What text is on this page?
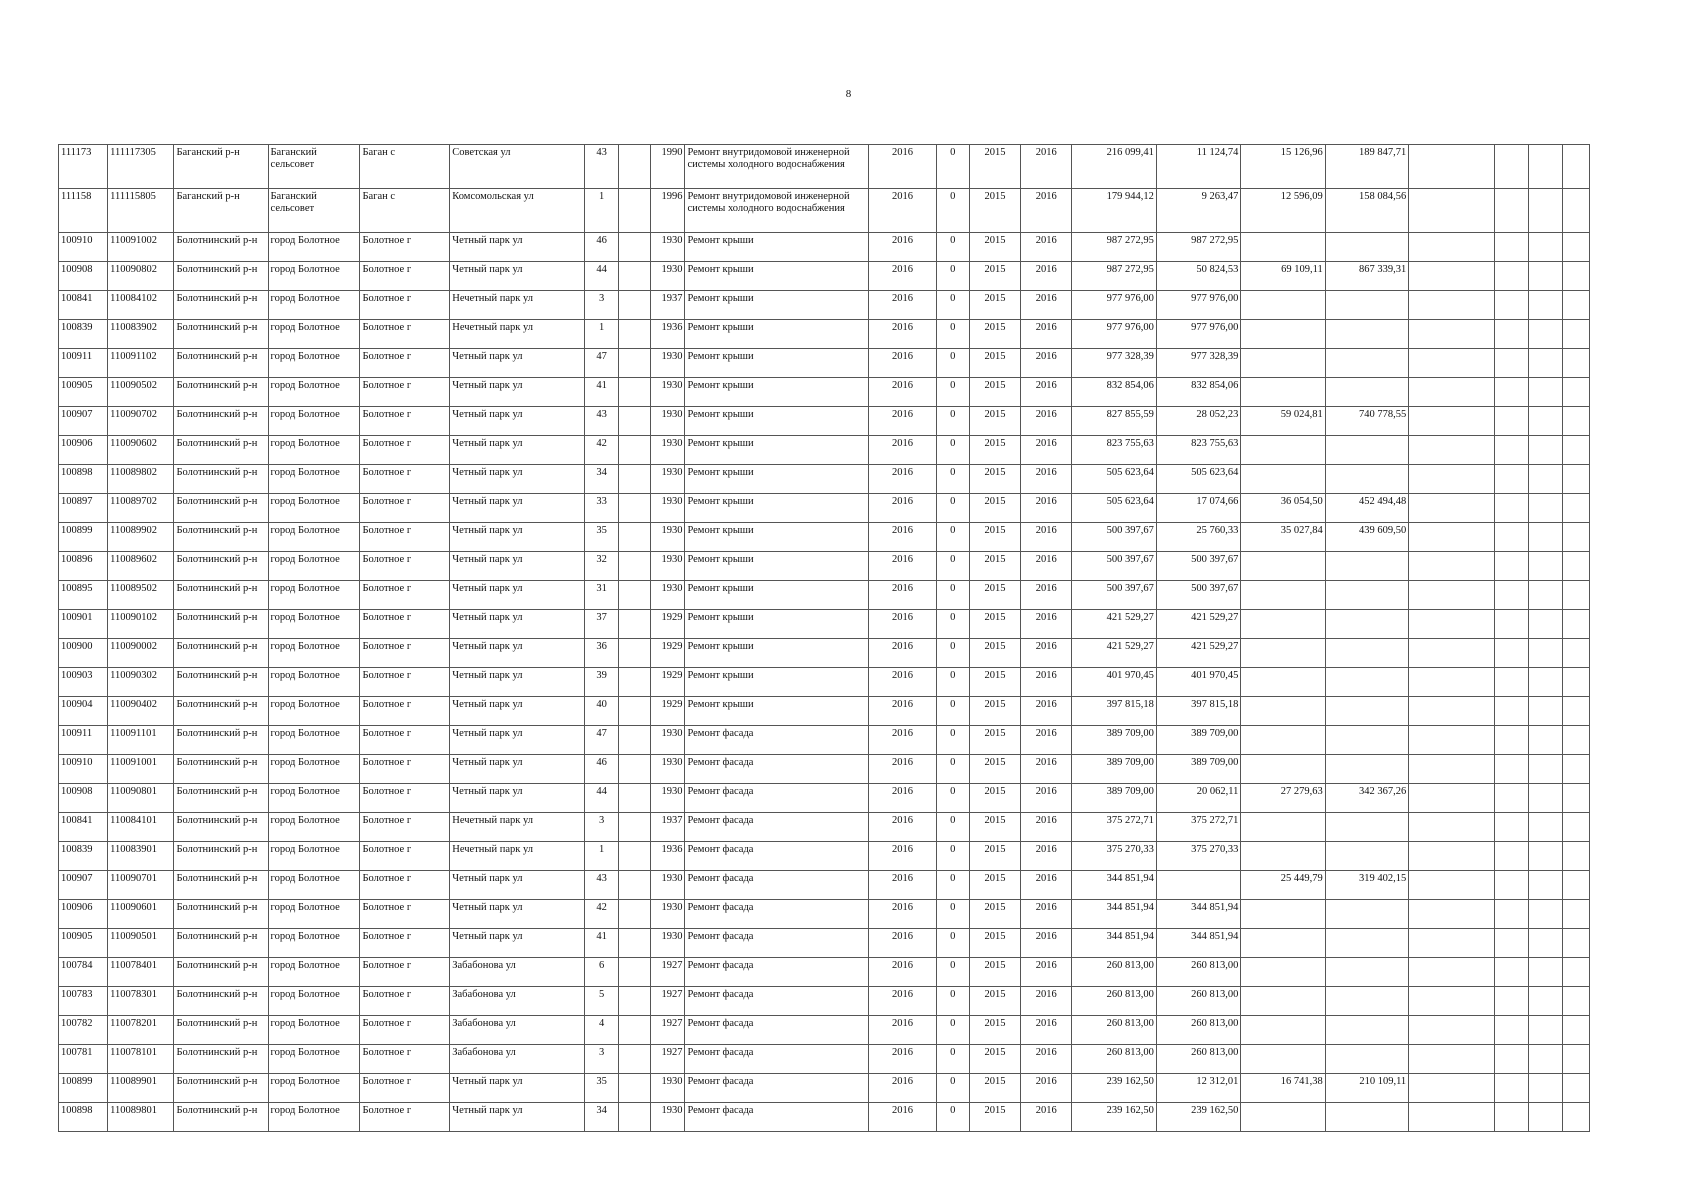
8
111173	111117305	Баганский р-н	Баганский сельсовет	Баган с	Советская ул	43		1990	Ремонт внутридомовой инженерной системы холодного водоснабжения	2016	0	2015	2016	216 099,41	11 124,74	15 126,96	189 847,71				
111158	111115805	Баганский р-н	Баганский сельсовет	Баган с	Комсомольская ул	1		1996	Ремонт внутридомовой инженерной системы холодного водоснабжения	2016	0	2015	2016	179 944,12	9 263,47	12 596,09	158 084,56				
100910	110091002	Болотнинский р-н	город Болотное	Болотное г	Четный парк ул	46		1930	Ремонт крыши	2016	0	2015	2016	987 272,95	987 272,95						
100908	110090802	Болотнинский р-н	город Болотное	Болотное г	Четный парк ул	44		1930	Ремонт крыши	2016	0	2015	2016	987 272,95	50 824,53	69 109,11	867 339,31				
100841	110084102	Болотнинский р-н	город Болотное	Болотное г	Нечетный парк ул	3		1937	Ремонт крыши	2016	0	2015	2016	977 976,00	977 976,00						
100839	110083902	Болотнинский р-н	город Болотное	Болотное г	Нечетный парк ул	1		1936	Ремонт крыши	2016	0	2015	2016	977 976,00	977 976,00						
100911	110091102	Болотнинский р-н	город Болотное	Болотное г	Четный парк ул	47		1930	Ремонт крыши	2016	0	2015	2016	977 328,39	977 328,39						
100905	110090502	Болотнинский р-н	город Болотное	Болотное г	Четный парк ул	41		1930	Ремонт крыши	2016	0	2015	2016	832 854,06	832 854,06						
100907	110090702	Болотнинский р-н	город Болотное	Болотное г	Четный парк ул	43		1930	Ремонт крыши	2016	0	2015	2016	827 855,59	28 052,23	59 024,81	740 778,55				
100906	110090602	Болотнинский р-н	город Болотное	Болотное г	Четный парк ул	42		1930	Ремонт крыши	2016	0	2015	2016	823 755,63	823 755,63						
100898	110089802	Болотнинский р-н	город Болотное	Болотное г	Четный парк ул	34		1930	Ремонт крыши	2016	0	2015	2016	505 623,64	505 623,64						
100897	110089702	Болотнинский р-н	город Болотное	Болотное г	Четный парк ул	33		1930	Ремонт крыши	2016	0	2015	2016	505 623,64	17 074,66	36 054,50	452 494,48				
100899	110089902	Болотнинский р-н	город Болотное	Болотное г	Четный парк ул	35		1930	Ремонт крыши	2016	0	2015	2016	500 397,67	25 760,33	35 027,84	439 609,50				
100896	110089602	Болотнинский р-н	город Болотное	Болотное г	Четный парк ул	32		1930	Ремонт крыши	2016	0	2015	2016	500 397,67	500 397,67						
100895	110089502	Болотнинский р-н	город Болотное	Болотное г	Четный парк ул	31		1930	Ремонт крыши	2016	0	2015	2016	500 397,67	500 397,67						
100901	110090102	Болотнинский р-н	город Болотное	Болотное г	Четный парк ул	37		1929	Ремонт крыши	2016	0	2015	2016	421 529,27	421 529,27						
100900	110090002	Болотнинский р-н	город Болотное	Болотное г	Четный парк ул	36		1929	Ремонт крыши	2016	0	2015	2016	421 529,27	421 529,27						
100903	110090302	Болотнинский р-н	город Болотное	Болотное г	Четный парк ул	39		1929	Ремонт крыши	2016	0	2015	2016	401 970,45	401 970,45						
100904	110090402	Болотнинский р-н	город Болотное	Болотное г	Четный парк ул	40		1929	Ремонт крыши	2016	0	2015	2016	397 815,18	397 815,18						
100911	110091101	Болотнинский р-н	город Болотное	Болотное г	Четный парк ул	47		1930	Ремонт фасада	2016	0	2015	2016	389 709,00	389 709,00						
100910	110091001	Болотнинский р-н	город Болотное	Болотное г	Четный парк ул	46		1930	Ремонт фасада	2016	0	2015	2016	389 709,00	389 709,00						
100908	110090801	Болотнинский р-н	город Болотное	Болотное г	Четный парк ул	44		1930	Ремонт фасада	2016	0	2015	2016	389 709,00	20 062,11	27 279,63	342 367,26				
100841	110084101	Болотнинский р-н	город Болотное	Болотное г	Нечетный парк ул	3		1937	Ремонт фасада	2016	0	2015	2016	375 272,71	375 272,71						
100839	110083901	Болотнинский р-н	город Болотное	Болотное г	Нечетный парк ул	1		1936	Ремонт фасада	2016	0	2015	2016	375 270,33	375 270,33						
100907	110090701	Болотнинский р-н	город Болотное	Болотное г	Четный парк ул	43		1930	Ремонт фасада	2016	0	2015	2016	344 851,94		25 449,79	319 402,15				
100906	110090601	Болотнинский р-н	город Болотное	Болотное г	Четный парк ул	42		1930	Ремонт фасада	2016	0	2015	2016	344 851,94	344 851,94						
100905	110090501	Болотнинский р-н	город Болотное	Болотное г	Четный парк ул	41		1930	Ремонт фасада	2016	0	2015	2016	344 851,94	344 851,94						
100784	110078401	Болотнинский р-н	город Болотное	Болотное г	Забабонова ул	6		1927	Ремонт фасада	2016	0	2015	2016	260 813,00	260 813,00						
100783	110078301	Болотнинский р-н	город Болотное	Болотное г	Забабонова ул	5		1927	Ремонт фасада	2016	0	2015	2016	260 813,00	260 813,00						
100782	110078201	Болотнинский р-н	город Болотное	Болотное г	Забабонова ул	4		1927	Ремонт фасада	2016	0	2015	2016	260 813,00	260 813,00						
100781	110078101	Болотнинский р-н	город Болотное	Болотное г	Забабонова ул	3		1927	Ремонт фасада	2016	0	2015	2016	260 813,00	260 813,00						
100899	110089901	Болотнинский р-н	город Болотное	Болотное г	Четный парк ул	35		1930	Ремонт фасада	2016	0	2015	2016	239 162,50	12 312,01	16 741,38	210 109,11				
100898	110089801	Болотнинский р-н	город Болотное	Болотное г	Четный парк ул	34		1930	Ремонт фасада	2016	0	2015	2016	239 162,50	239 162,50						
